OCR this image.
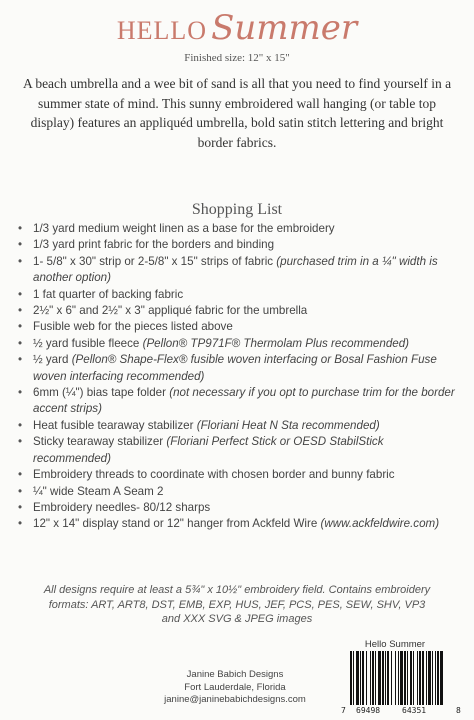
HELLO Summer
Finished size: 12" x 15"

A beach umbrella and a wee bit of sand is all that you need to find yourself in a summer state of mind. This sunny embroidered wall hanging (or table top display) features an appliquéd umbrella, bold satin stitch lettering and bright border fabrics.

Shopping List
• 1/3 yard medium weight linen as a base for the embroidery
• 1/3 yard print fabric for the borders and binding
• 1- 5/8" x 30" strip or 2-5/8" x 15" strips of fabric (purchased trim in a ¼" width is another option)
• 1 fat quarter of backing fabric
• 2½" x 6" and 2½" x 3" appliqué fabric for the umbrella
• Fusible web for the pieces listed above
• ½ yard fusible fleece (Pellon® TP971F® Thermolam Plus recommended)
• ½ yard (Pellon® Shape-Flex® fusible woven interfacing or Bosal Fashion Fuse woven interfacing recommended)
• 6mm (¼") bias tape folder (not necessary if you opt to purchase trim for the border accent strips)
• Heat fusible tearaway stabilizer (Floriani Heat N Sta recommended)
• Sticky tearaway stabilizer (Floriani Perfect Stick or OESD StabilStick recommended)
• Embroidery threads to coordinate with chosen border and bunny fabric
• ¼" wide Steam A Seam 2
• Embroidery needles- 80/12 sharps
• 12" x 14" display stand or 12" hanger from Ackfeld Wire (www.ackfeldwire.com)
All designs require at least a 5¾" x 10½" embroidery field. Contains embroidery formats: ART, ART8, DST, EMB, EXP, HUS, JEF, PCS, PES, SEW, SHV, VP3 and XXX SVG & JPEG images
Janine Babich Designs
Fort Lauderdale, Florida
janine@janinebabichdesigns.com
Hello Summer
7 69498	64351	8
